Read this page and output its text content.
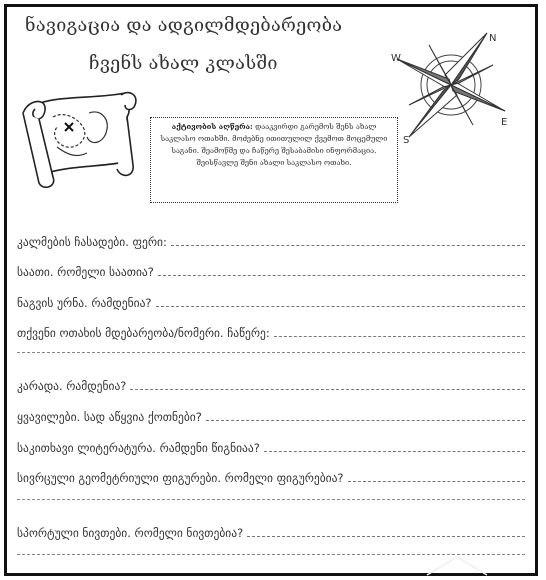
ნავიგაცია და ადგილმდებარეობა
ჩვენს ახალ კლასში
N
W
E
S
აქტივობის აღწერა: დააკვირდი გარემოს შენს ახალ საკლასო ოთახში. მოძებნე ითითულილ ქვემოთ მოცემული საგანი. შეამოწმე და ჩაწერე შესაბამისი ინფორმაცია. შეისწავლე შენი ახალი საკლასო ოთახი.
კალმების ჩასადები. ფერი:
საათი. რომელი საათია?
ნაგვის ურნა. რამდენია?
თქვენი ოთახის მდებარეობა/ნომერი. ჩაწერე:
კარადა. რამდენია?
ყვავილები. სად აწყვია ქოთნები?
საკითხავი ლიტერატურა. რამდენი წიგნიაა?
სივრცული გეომეტრიული ფიგურები. რომელი ფიგურებია?
სპორტული ნივთები. რომელი ნივთებია?
